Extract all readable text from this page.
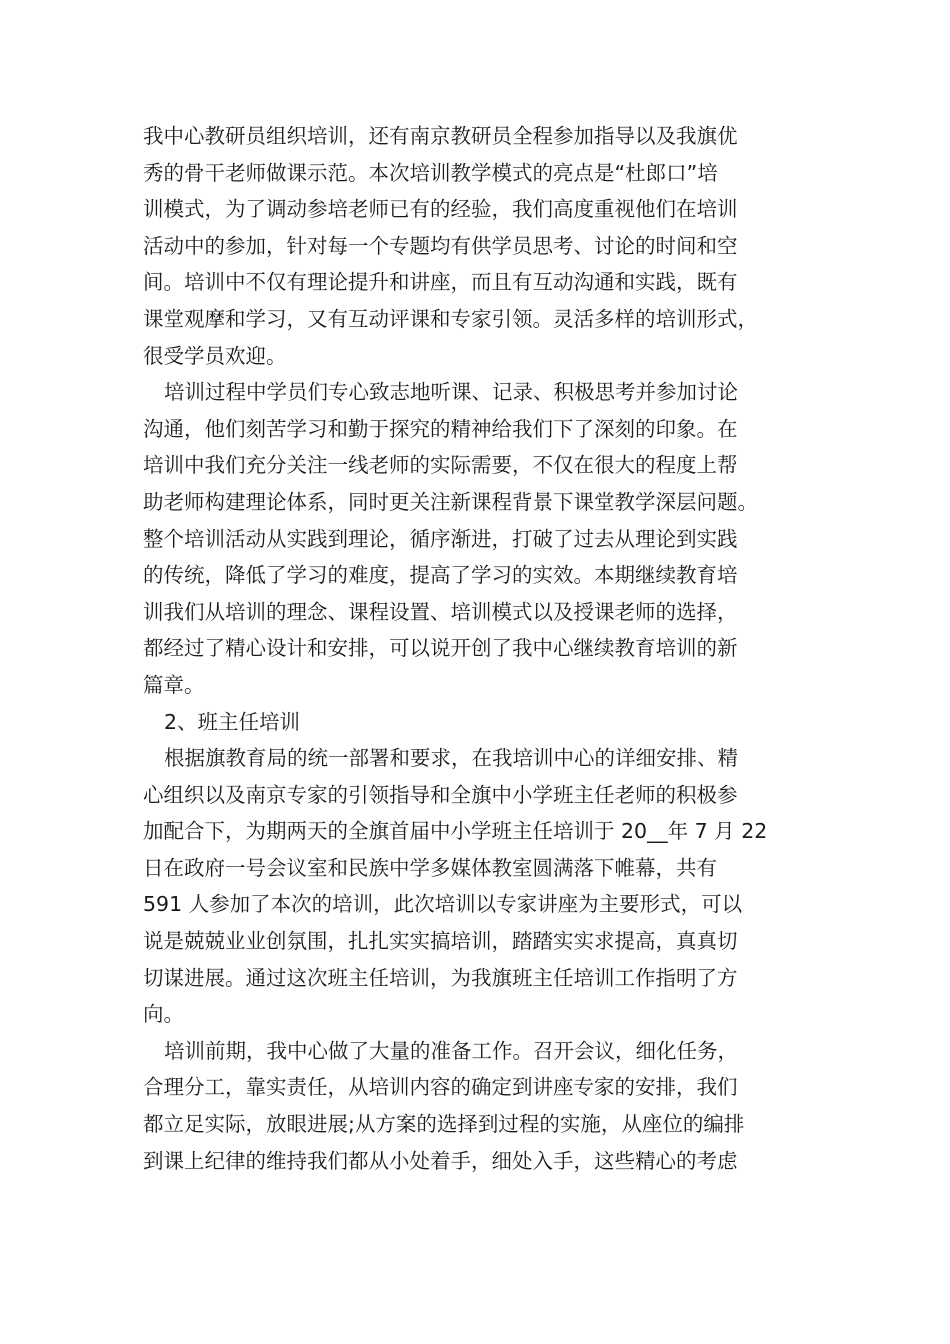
我中心教研员组织培训，还有南京教研员全程参加指导以及我旗优
秀的骨干老师做课示范。本次培训教学模式的亮点是“杜郎口”培
训模式，为了调动参培老师已有的经验，我们高度重视他们在培训
活动中的参加，针对每一个专题均有供学员思考、讨论的时间和空
间。培训中不仅有理论提升和讲座，而且有互动沟通和实践，既有
课堂观摩和学习，又有互动评课和专家引领。灵活多样的培训形式，
很受学员欢迎。
培训过程中学员们专心致志地听课、记录、积极思考并参加讨论
沟通，他们刻苦学习和勤于探究的精神给我们下了深刻的印象。在
培训中我们充分关注一线老师的实际需要，不仅在很大的程度上帮
助老师构建理论体系，同时更关注新课程背景下课堂教学深层问题。
整个培训活动从实践到理论，循序渐进，打破了过去从理论到实践
的传统，降低了学习的难度，提高了学习的实效。本期继续教育培
训我们从培训的理念、课程设置、培训模式以及授课老师的选择，
都经过了精心设计和安排，可以说开创了我中心继续教育培训的新
篇章。
2、班主任培训
根据旗教育局的统一部署和要求，在我培训中心的详细安排、精
心组织以及南京专家的引领指导和全旗中小学班主任老师的积极参
加配合下，为期两天的全旗首届中小学班主任培训于 20__年 7 月 22
日在政府一号会议室和民族中学多媒体教室圆满落下帷幕，共有
591 人参加了本次的培训，此次培训以专家讲座为主要形式，可以
说是兢兢业业创氛围，扎扎实实搞培训，踏踏实实求提高，真真切
切谋进展。通过这次班主任培训，为我旗班主任培训工作指明了方
向。
培训前期，我中心做了大量的准备工作。召开会议，细化任务，
合理分工，靠实责任，从培训内容的确定到讲座专家的安排，我们
都立足实际，放眼进展;从方案的选择到过程的实施，从座位的编排
到课上纪律的维持我们都从小处着手，细处入手，这些精心的考虑
